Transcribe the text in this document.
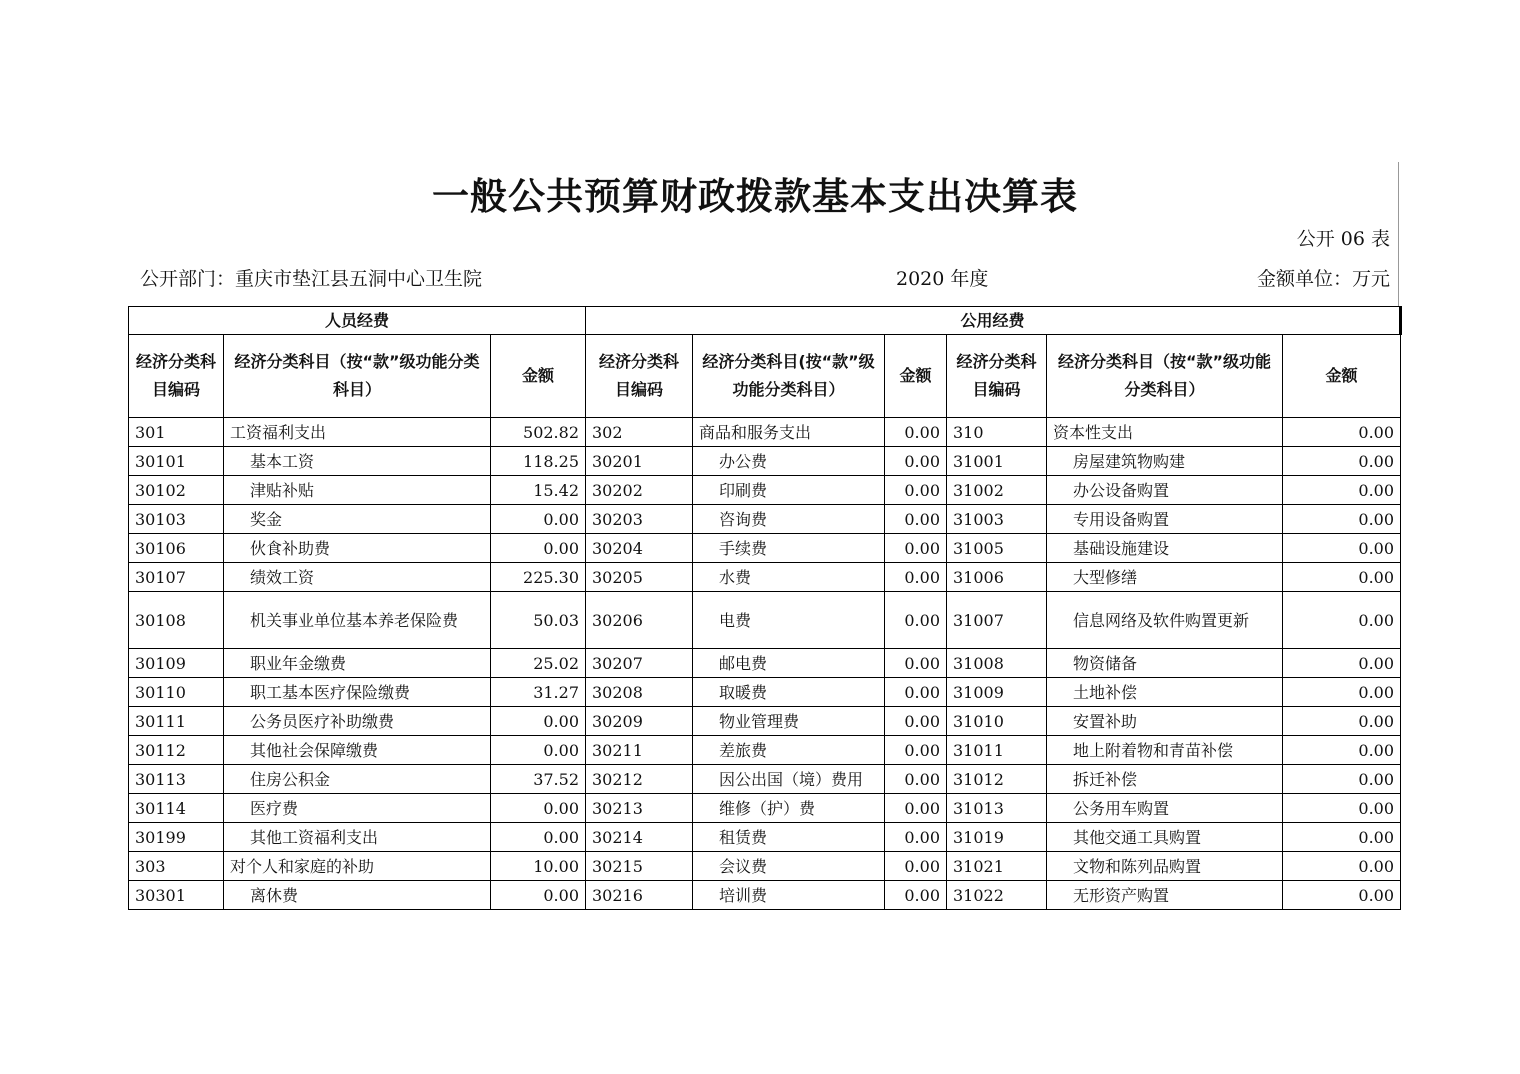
一般公共预算财政拨款基本支出决算表
公开 06 表
公开部门：重庆市垫江县五洞中心卫生院	2020 年度	金额单位：万元
人员经费			公用经费					
经济分类科目编码	经济分类科目（按“款”级功能分类科目）	金额	经济分类科目编码	经济分类科目(按“款”级功能分类科目）	金额	经济分类科目编码	经济分类科目（按“款”级功能分类科目）	金额
301	工资福利支出	502.82	302	商品和服务支出	0.00	310	资本性支出	0.00
30101	基本工资	118.25	30201	办公费	0.00	31001	房屋建筑物购建	0.00
30102	津贴补贴	15.42	30202	印刷费	0.00	31002	办公设备购置	0.00
30103	奖金	0.00	30203	咨询费	0.00	31003	专用设备购置	0.00
30106	伙食补助费	0.00	30204	手续费	0.00	31005	基础设施建设	0.00
30107	绩效工资	225.30	30205	水费	0.00	31006	大型修缮	0.00
30108	机关事业单位基本养老保险费	50.03	30206	电费	0.00	31007	信息网络及软件购置更新	0.00
30109	职业年金缴费	25.02	30207	邮电费	0.00	31008	物资储备	0.00
30110	职工基本医疗保险缴费	31.27	30208	取暖费	0.00	31009	土地补偿	0.00
30111	公务员医疗补助缴费	0.00	30209	物业管理费	0.00	31010	安置补助	0.00
30112	其他社会保障缴费	0.00	30211	差旅费	0.00	31011	地上附着物和青苗补偿	0.00
30113	住房公积金	37.52	30212	因公出国（境）费用	0.00	31012	拆迁补偿	0.00
30114	医疗费	0.00	30213	维修（护）费	0.00	31013	公务用车购置	0.00
30199	其他工资福利支出	0.00	30214	租赁费	0.00	31019	其他交通工具购置	0.00
303	对个人和家庭的补助	10.00	30215	会议费	0.00	31021	文物和陈列品购置	0.00
30301	离休费	0.00	30216	培训费	0.00	31022	无形资产购置	0.00
